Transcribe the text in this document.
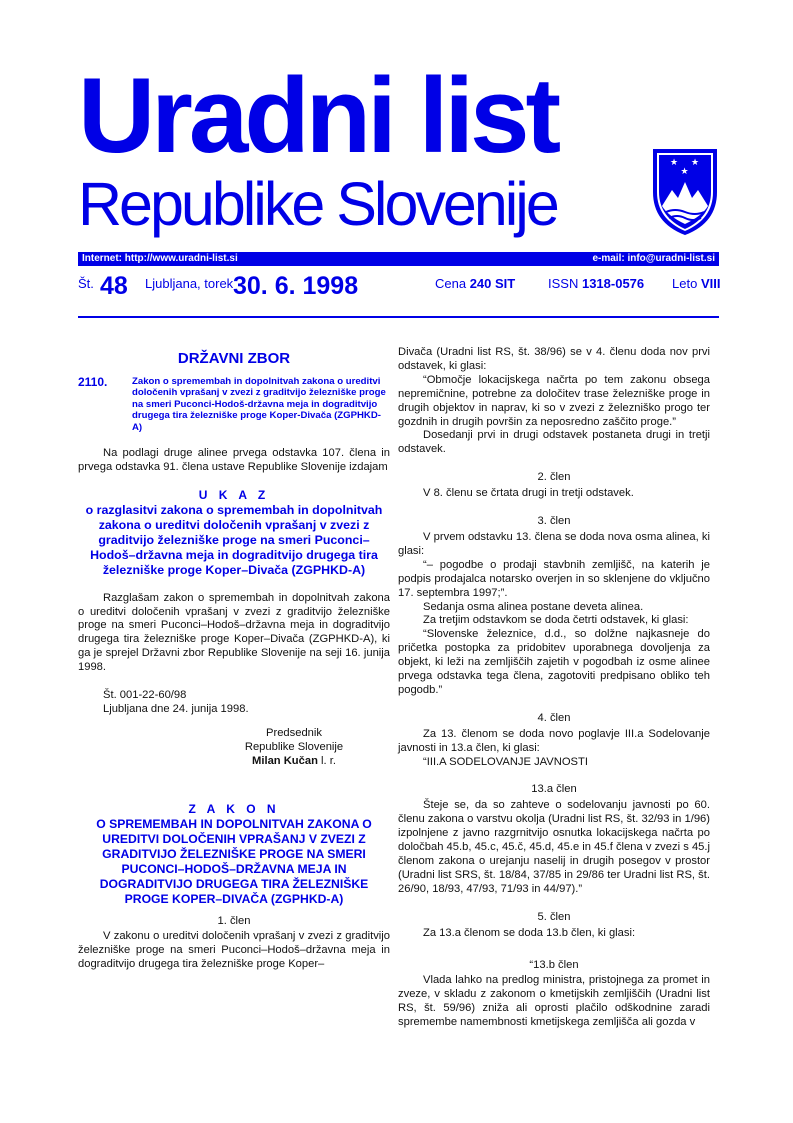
Uradni list
Republike Slovenije
★ ★
★
Internet: http://www.uradni-list.si	e-mail: info@uradni-list.si
Št. 48 Ljubljana, torek 30. 6. 1998	Cena 240 SIT	ISSN 1318-0576 Leto VIII
DRŽAVNI ZBOR
2110.	Zakon o spremembah in dopolnitvah zakona o ureditvi določenih vprašanj v zvezi z graditvijo železniške proge na smeri Puconci-Hodoš-državna meja in dograditvijo drugega tira železniške proge Koper-Divača (ZGPHKD-A)

Na podlagi druge alinee prvega odstavka 107. člena in prvega odstavka 91. člena ustave Republike Slovenije izdajam

U K A Z
o razglasitvi zakona o spremembah in dopolnitvah zakona o ureditvi določenih vprašanj v zvezi z graditvijo železniške proge na smeri Puconci–Hodoš–državna meja in dograditvijo drugega tira železniške proge Koper–Divača (ZGPHKD-A)

Razglašam zakon o spremembah in dopolnitvah zakona o ureditvi določenih vprašanj v zvezi z graditvijo železniške proge na smeri Puconci–Hodoš–državna meja in dograditvijo drugega tira železniške proge Koper–Divača (ZGPHKD-A), ki ga je sprejel Državni zbor Republike Slovenije na seji 16. junija 1998.

Št. 001-22-60/98

Ljubljana dne 24. junija 1998.

Predsednik
Republike Slovenije
Milan Kučan l. r.
Z A K O N
O SPREMEMBAH IN DOPOLNITVAH ZAKONA O UREDITVI DOLOČENIH VPRAŠANJ V ZVEZI Z GRADITVIJO ŽELEZNIŠKE PROGE NA SMERI PUCONCI–HODOŠ–DRŽAVNA MEJA IN DOGRADITVIJO DRUGEGA TIRA ŽELEZNIŠKE PROGE KOPER–DIVAČA (ZGPHKD-A)
1. člen

V zakonu o ureditvi določenih vprašanj v zvezi z graditvijo železniške proge na smeri Puconci–Hodoš–državna meja in dograditvijo drugega tira železniške proge Koper–

Divača (Uradni list RS, št. 38/96) se v 4. členu doda nov prvi odstavek, ki glasi:

“Območje lokacijskega načrta po tem zakonu obsega nepremičnine, potrebne za določitev trase železniške proge in drugih objektov in naprav, ki so v zvezi z železniško progo ter gozdnih in drugih površin za neposredno zaščito proge.”

Dosedanji prvi in drugi odstavek postaneta drugi in tretji odstavek.

2. člen

V 8. členu se črtata drugi in tretji odstavek.

3. člen

V prvem odstavku 13. člena se doda nova osma alinea, ki glasi:

“– pogodbe o prodaji stavbnih zemljišč, na katerih je podpis prodajalca notarsko overjen in so sklenjene do vključno 17. septembra 1997;”.

Sedanja osma alinea postane deveta alinea.

Za tretjim odstavkom se doda četrti odstavek, ki glasi:

“Slovenske železnice, d.d., so dolžne najkasneje do pričetka postopka za pridobitev uporabnega dovoljenja za objekt, ki leži na zemljiščih zajetih v pogodbah iz osme alinee prvega odstavka tega člena, zagotoviti predpisano obliko teh pogodb.”

4. člen

Za 13. členom se doda novo poglavje III.a Sodelovanje javnosti in 13.a člen, ki glasi:

“III.A SODELOVANJE JAVNOSTI

13.a člen

Šteje se, da so zahteve o sodelovanju javnosti po 60. členu zakona o varstvu okolja (Uradni list RS, št. 32/93 in 1/96) izpolnjene z javno razgrnitvijo osnutka lokacijskega načrta po določbah 45.b, 45.c, 45.č, 45.d, 45.e in 45.f člena v zvezi s 45.j členom zakona o urejanju naselij in drugih posegov v prostor (Uradni list SRS, št. 18/84, 37/85 in 29/86 ter Uradni list RS, št. 26/90, 18/93, 47/93, 71/93 in 44/97).”

5. člen

Za 13.a členom se doda 13.b člen, ki glasi:

“13.b člen

Vlada lahko na predlog ministra, pristojnega za promet in zveze, v skladu z zakonom o kmetijskih zemljiščih (Uradni list RS, št. 59/96) zniža ali oprosti plačilo odškodnine zaradi spremembe namembnosti kmetijskega zemljišča ali gozda v
